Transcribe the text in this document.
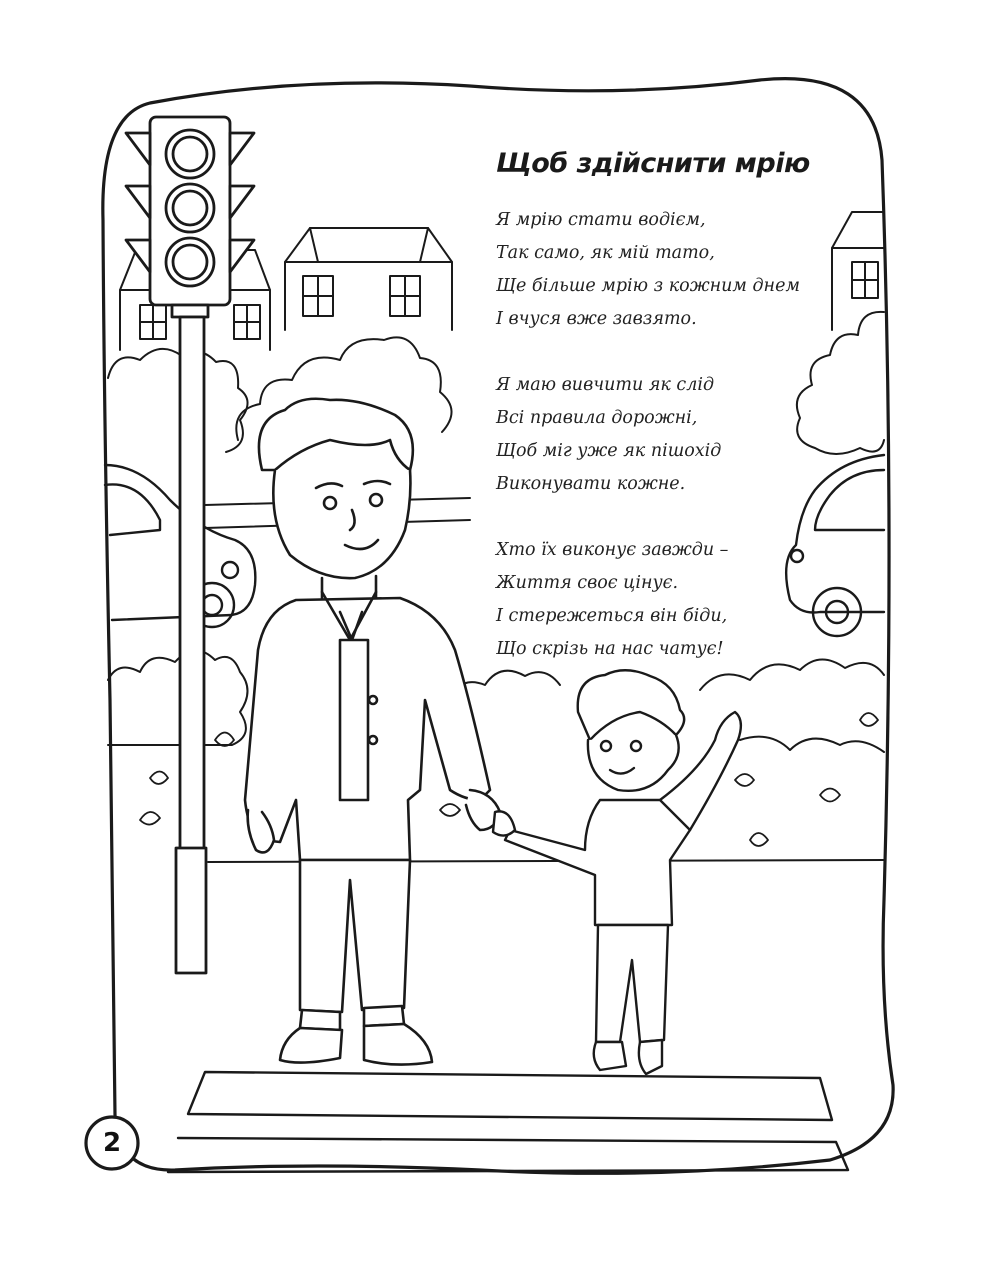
Щоб здійснити мрію
Я мрію стати водієм,
Так само, як мій тато,
Ще більше мрію з кожним днем
І вчуся вже завзято.
Я маю вивчити як слід
Всі правила дорожні,
Щоб міг уже як пішохід
Виконувати кожне.
Хто їх виконує завжди –
Життя своє цінує.
І стережеться він біди,
Що скрізь на нас чатує!
2
